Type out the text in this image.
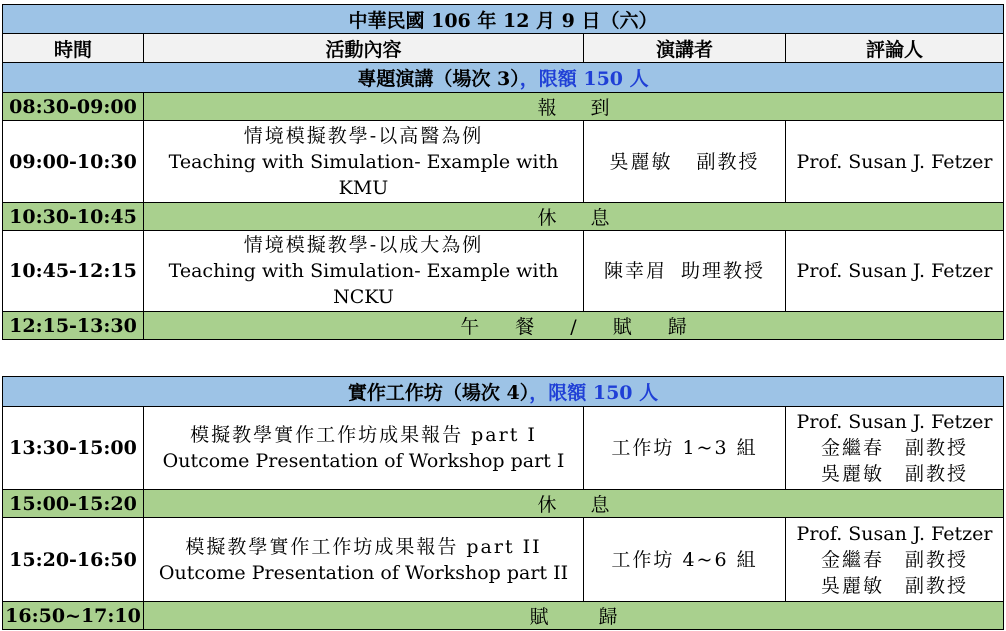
中華民國 106 年 12 月 9 日（六）			
時間	活動內容	演講者	評論人
專題演講（場次 3），限額 150 人			
08:30-09:00	報到		
09:00-10:30	情境模擬教學-以高醫為例
Teaching with Simulation- Example with
KMU	吳麗敏 副教授	Prof. Susan J. Fetzer
10:30-10:45	休息		
10:45-12:15	情境模擬教學-以成大為例
Teaching with Simulation- Example with
NCKU	陳幸眉 助理教授	Prof. Susan J. Fetzer
12:15-13:30	午 餐 / 賦 歸		
實作工作坊（場次 4），限額 150 人			
13:30-15:00	模擬教學實作工作坊成果報告 part I
Outcome Presentation of Workshop part I	工作坊 1~3 組	Prof. Susan J. Fetzer
金繼春　副教授
吳麗敏　副教授

15:00-15:20	休息		
15:20-16:50	模擬教學實作工作坊成果報告 part II
Outcome Presentation of Workshop part II	工作坊 4~6 組	Prof. Susan J. Fetzer
金繼春　副教授
吳麗敏　副教授

16:50~17:10	賦歸		
